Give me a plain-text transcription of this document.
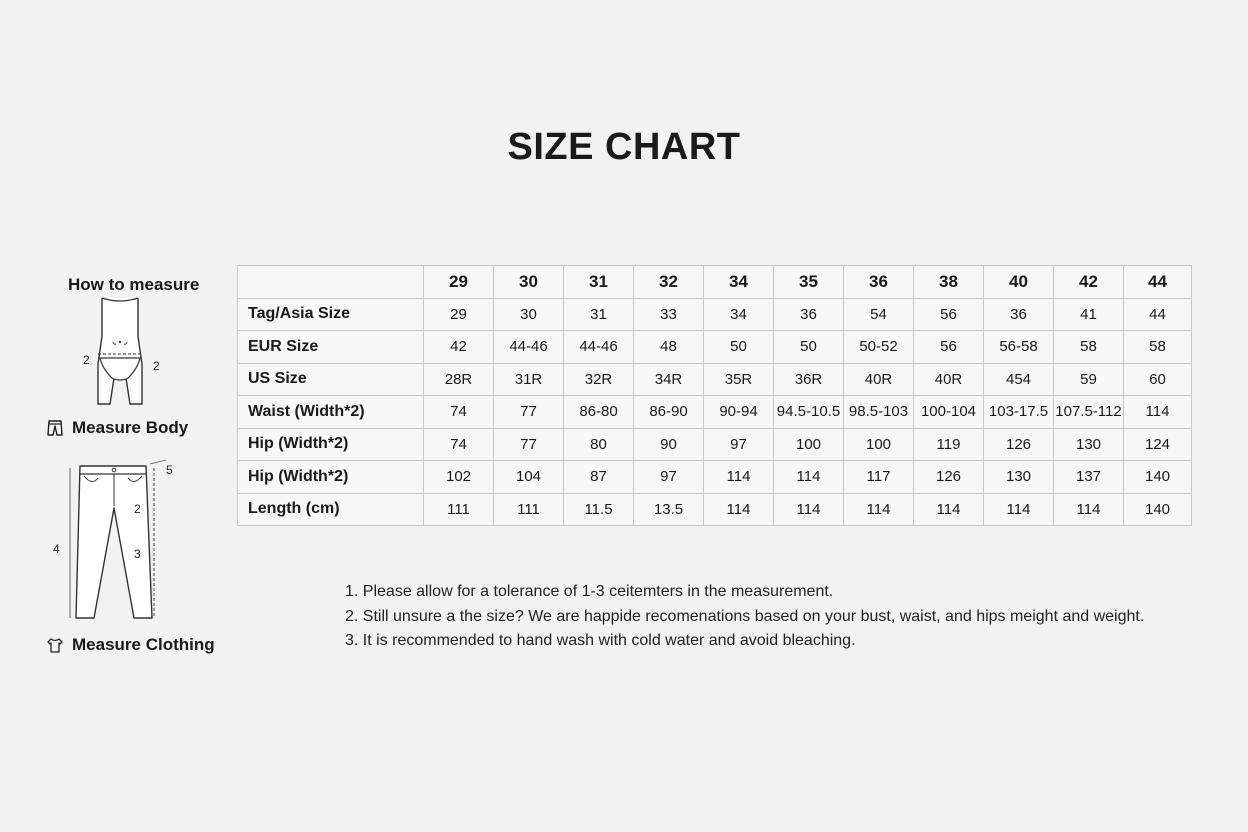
SIZE CHART
How to measure
2	2
Measure Body
5
2
4	3
Measure Clothing
	29	30	31	32	34	35	36	38	40	42	44
Tag/Asia Size	29	30	31	33	34	36	54	56	36	41	44
EUR Size	42	44-46	44-46	48	50	50	50-52	56	56-58	58	58
US Size	28R	31R	32R	34R	35R	36R	40R	40R	454	59	60
Waist (Width*2)	74	77	86-80	86-90	90-94	94.5-10.5	98.5-103	100-104	103-17.5	107.5-112	114
Hip (Width*2)	74	77	80	90	97	100	100	119	126	130	124
Hip (Width*2)	102	104	87	97	114	114	117	126	130	137	140
Length (cm)	111	111	11.5	13.5	114	114	114	114	114	114	140
1. Please allow for a tolerance of 1-3 ceitemters in the measurement.
2. Still unsure a the size? We are happide recomenations based on your bust, waist, and hips meight and weight.
3. It is recommended to hand wash with cold water and avoid bleaching.
